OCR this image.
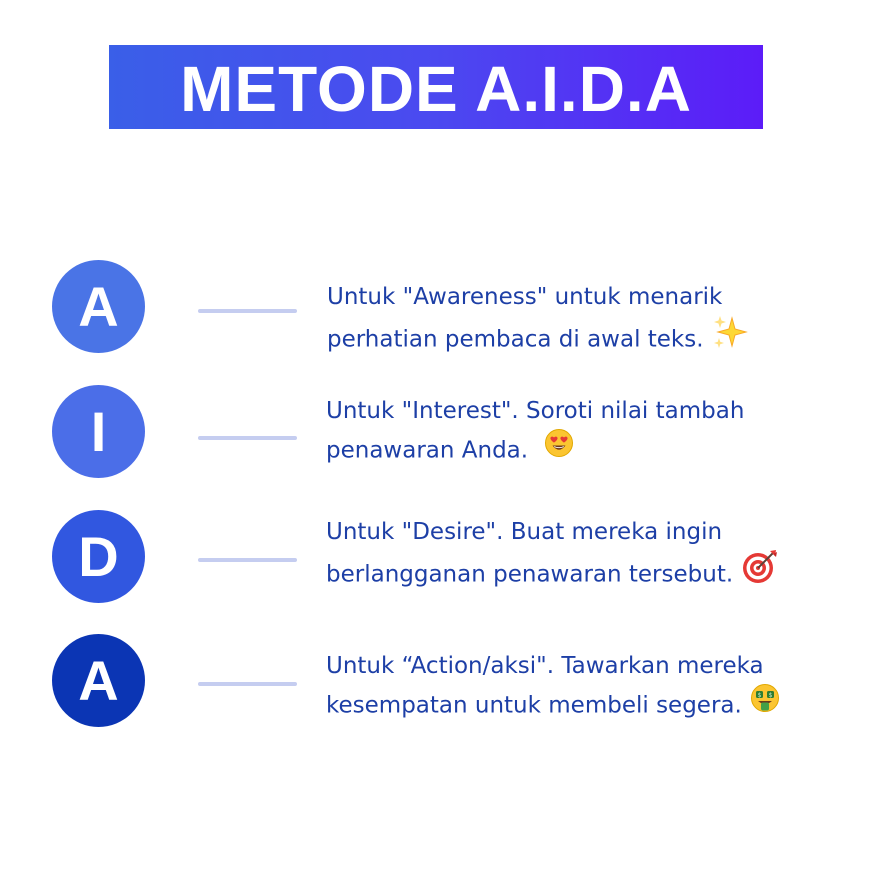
METODE A.I.D.A
A	Untuk "Awareness" untuk menarik
perhatian pembaca di awal teks.
I	Untuk "Interest". Soroti nilai tambah
penawaran Anda.
D	Untuk "Desire". Buat mereka ingin
berlangganan penawaran tersebut.
A	Untuk “Action/aksi". Tawarkan mereka
kesempatan untuk membeli segera.	$ $
